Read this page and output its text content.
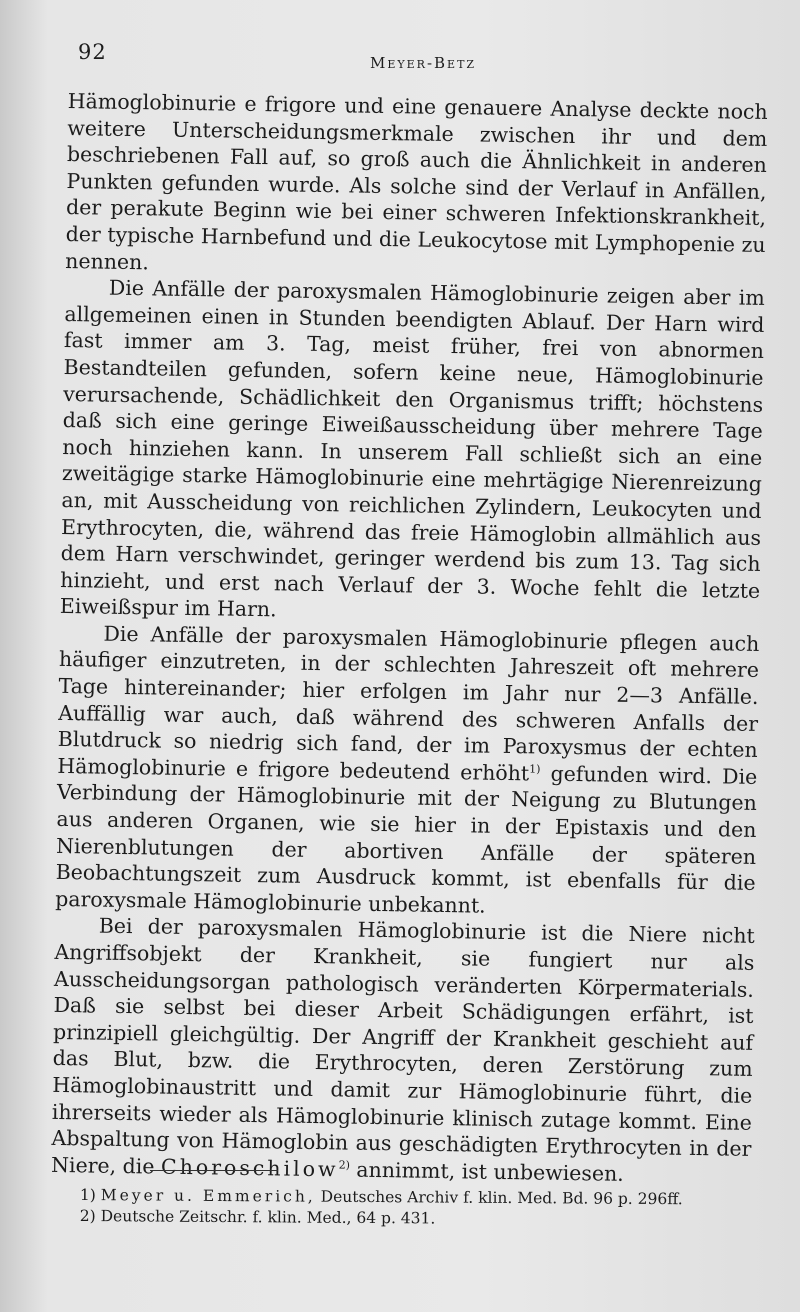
92	Meyer-Betz

Hämoglobinurie e frigore und eine genauere Analyse deckte noch weitere Unterscheidungsmerkmale zwischen ihr und dem beschriebenen Fall auf, so groß auch die Ähnlichkeit in anderen Punkten gefunden wurde. Als solche sind der Verlauf in Anfällen, der perakute Beginn wie bei einer schweren Infektionskrankheit, der typische Harnbefund und die Leukocytose mit Lymphopenie zu nennen.

Die Anfälle der paroxysmalen Hämoglobinurie zeigen aber im allgemeinen einen in Stunden beendigten Ablauf. Der Harn wird fast immer am 3. Tag, meist früher, frei von abnormen Bestandteilen gefunden, sofern keine neue, Hämoglobinurie verursachende, Schädlichkeit den Organismus trifft; höchstens daß sich eine geringe Eiweißausscheidung über mehrere Tage noch hinziehen kann. In unserem Fall schließt sich an eine zweitägige starke Hämoglobinurie eine mehrtägige Nierenreizung an, mit Ausscheidung von reichlichen Zylindern, Leukocyten und Erythrocyten, die, während das freie Hämoglobin allmählich aus dem Harn verschwindet, geringer werdend bis zum 13. Tag sich hinzieht, und erst nach Verlauf der 3. Woche fehlt die letzte Eiweißspur im Harn.

Die Anfälle der paroxysmalen Hämoglobinurie pflegen auch häufiger einzutreten, in der schlechten Jahreszeit oft mehrere Tage hintereinander; hier erfolgen im Jahr nur 2—3 Anfälle. Auffällig war auch, daß während des schweren Anfalls der Blutdruck so niedrig sich fand, der im Paroxysmus der echten Hämoglobinurie e frigore bedeutend erhöht$^{1)}$ gefunden wird. Die Verbindung der Hämoglobinurie mit der Neigung zu Blutungen aus anderen Organen, wie sie hier in der Epistaxis und den Nierenblutungen der abortiven Anfälle der späteren Beobachtungszeit zum Ausdruck kommt, ist ebenfalls für die paroxysmale Hämoglobinurie unbekannt.

Bei der paroxysmalen Hämoglobinurie ist die Niere nicht Angriffsobjekt der Krankheit, sie fungiert nur als Ausscheidungsorgan pathologisch veränderten Körpermaterials. Daß sie selbst bei dieser Arbeit Schädigungen erfährt, ist prinzipiell gleichgültig. Der Angriff der Krankheit geschieht auf das Blut, bzw. die Erythrocyten, deren Zerstörung zum Hämoglobinaustritt und damit zur Hämoglobinurie führt, die ihrerseits wieder als Hämoglobinurie klinisch zutage kommt. Eine Abspaltung von Hämoglobin aus geschädigten Erythrocyten in der Niere, die Choroschilow$^{2)}$ annimmt, ist unbewiesen.

1) Meyer u. Emmerich, Deutsches Archiv f. klin. Med. Bd. 96 p. 296ff.
2) Deutsche Zeitschr. f. klin. Med., 64 p. 431.
